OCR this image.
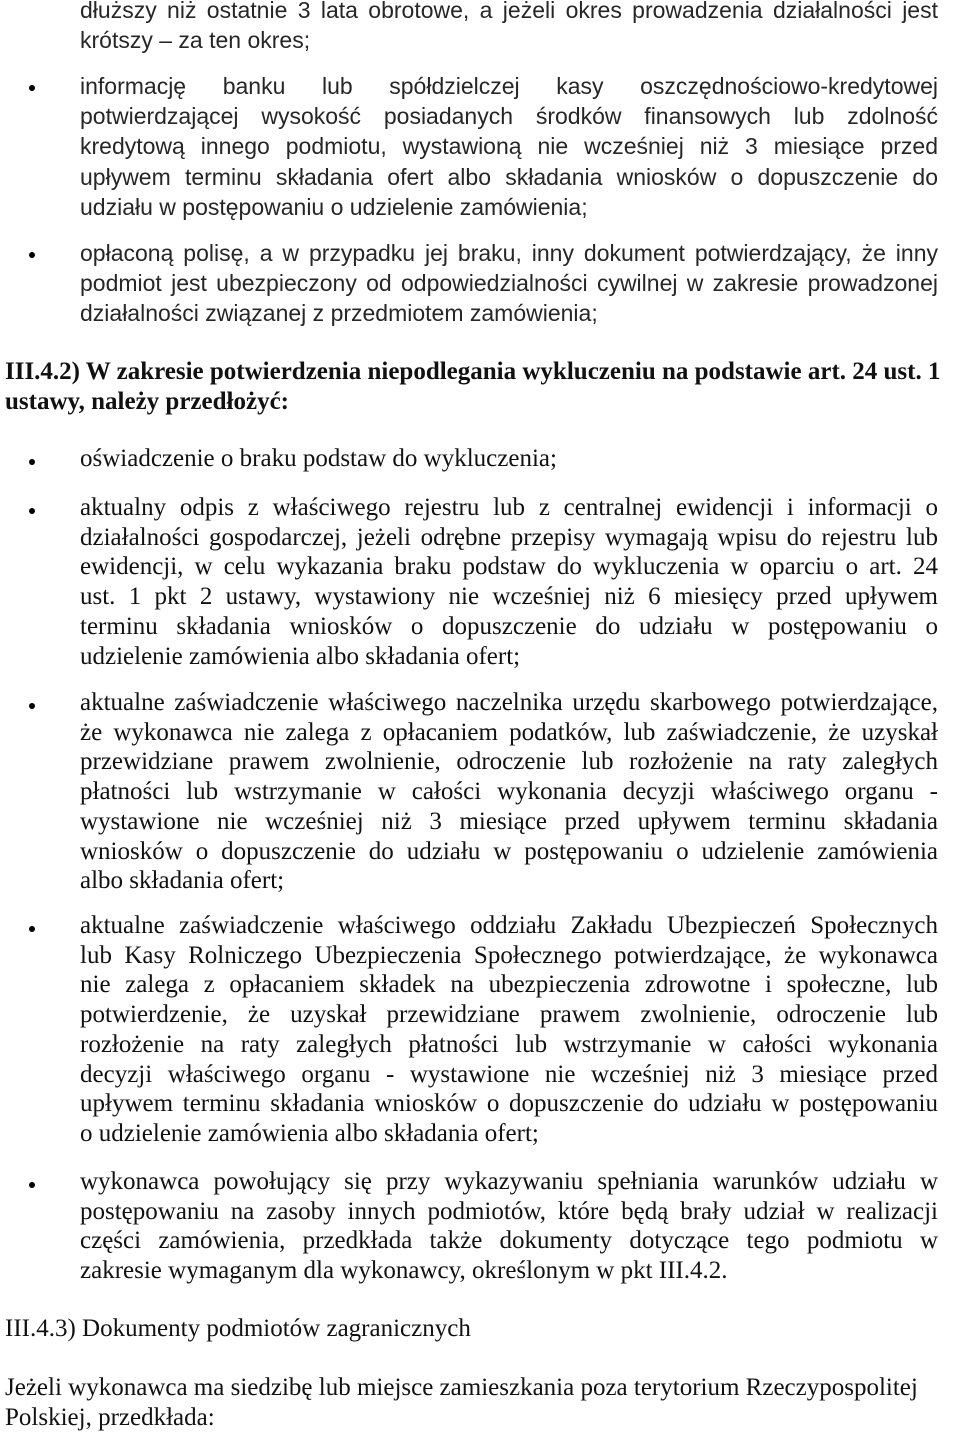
dłuższy niż ostatnie 3 lata obrotowe, a jeżeli okres prowadzenia działalności jest
krótszy – za ten okres;
informację banku lub spółdzielczej kasy oszczędnościowo-kredytowej
potwierdzającej wysokość posiadanych środków finansowych lub zdolność
kredytową innego podmiotu, wystawioną nie wcześniej niż 3 miesiące przed
upływem terminu składania ofert albo składania wniosków o dopuszczenie do
udziału w postępowaniu o udzielenie zamówienia;
opłaconą polisę, a w przypadku jej braku, inny dokument potwierdzający, że inny
podmiot jest ubezpieczony od odpowiedzialności cywilnej w zakresie prowadzonej
działalności związanej z przedmiotem zamówienia;
III.4.2) W zakresie potwierdzenia niepodlegania wykluczeniu na podstawie art. 24 ust. 1
ustawy, należy przedłożyć:
oświadczenie o braku podstaw do wykluczenia;
aktualny odpis z właściwego rejestru lub z centralnej ewidencji i informacji o
działalności gospodarczej, jeżeli odrębne przepisy wymagają wpisu do rejestru lub
ewidencji, w celu wykazania braku podstaw do wykluczenia w oparciu o art. 24
ust. 1 pkt 2 ustawy, wystawiony nie wcześniej niż 6 miesięcy przed upływem
terminu składania wniosków o dopuszczenie do udziału w postępowaniu o
udzielenie zamówienia albo składania ofert;
aktualne zaświadczenie właściwego naczelnika urzędu skarbowego potwierdzające,
że wykonawca nie zalega z opłacaniem podatków, lub zaświadczenie, że uzyskał
przewidziane prawem zwolnienie, odroczenie lub rozłożenie na raty zaległych
płatności lub wstrzymanie w całości wykonania decyzji właściwego organu -
wystawione nie wcześniej niż 3 miesiące przed upływem terminu składania
wniosków o dopuszczenie do udziału w postępowaniu o udzielenie zamówienia
albo składania ofert;
aktualne zaświadczenie właściwego oddziału Zakładu Ubezpieczeń Społecznych
lub Kasy Rolniczego Ubezpieczenia Społecznego potwierdzające, że wykonawca
nie zalega z opłacaniem składek na ubezpieczenia zdrowotne i społeczne, lub
potwierdzenie, że uzyskał przewidziane prawem zwolnienie, odroczenie lub
rozłożenie na raty zaległych płatności lub wstrzymanie w całości wykonania
decyzji właściwego organu - wystawione nie wcześniej niż 3 miesiące przed
upływem terminu składania wniosków o dopuszczenie do udziału w postępowaniu
o udzielenie zamówienia albo składania ofert;
wykonawca powołujący się przy wykazywaniu spełniania warunków udziału w
postępowaniu na zasoby innych podmiotów, które będą brały udział w realizacji
części zamówienia, przedkłada także dokumenty dotyczące tego podmiotu w
zakresie wymaganym dla wykonawcy, określonym w pkt III.4.2.
III.4.3) Dokumenty podmiotów zagranicznych
Jeżeli wykonawca ma siedzibę lub miejsce zamieszkania poza terytorium Rzeczypospolitej
Polskiej, przedkłada:
